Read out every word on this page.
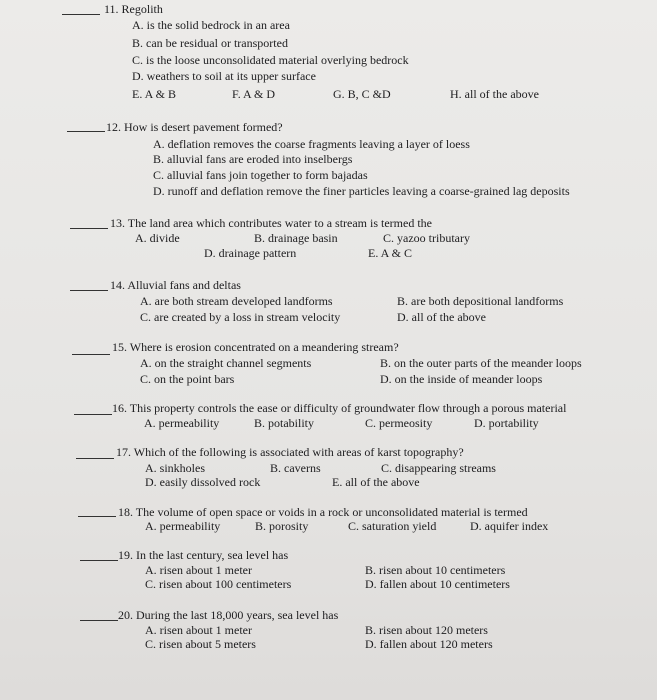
11. Regolith
A. is the solid bedrock in an area
B. can be residual or transported
C. is the loose unconsolidated material overlying bedrock
D. weathers to soil at its upper surface
E. A & B	F. A & D	G. B, C &D	H. all of the above
12. How is desert pavement formed?
A. deflation removes the coarse fragments leaving a layer of loess
B. alluvial fans are eroded into inselbergs
C. alluvial fans join together to form bajadas
D. runoff and deflation remove the finer particles leaving a coarse-grained lag deposits
13. The land area which contributes water to a stream is termed the
A. divide	B. drainage basin	C. yazoo tributary
D. drainage pattern	E. A & C
14. Alluvial fans and deltas
A. are both stream developed landforms	B. are both depositional landforms
C. are created by a loss in stream velocity	D. all of the above
15. Where is erosion concentrated on a meandering stream?
A. on the straight channel segments	B. on the outer parts of the meander loops
C. on the point bars	D. on the inside of meander loops
16. This property controls the ease or difficulty of groundwater flow through a porous material
A. permeability	B. potability	C. permeosity	D. portability
17. Which of the following is associated with areas of karst topography?
A. sinkholes	B. caverns	C. disappearing streams
D. easily dissolved rock	E. all of the above
18. The volume of open space or voids in a rock or unconsolidated material is termed
A. permeability	B. porosity	C. saturation yield	D. aquifer index
19. In the last century, sea level has
A. risen about 1 meter	B. risen about 10 centimeters
C. risen about 100 centimeters	D. fallen about 10 centimeters
20. During the last 18,000 years, sea level has
A. risen about 1 meter	B. risen about 120 meters
C. risen about 5 meters	D. fallen about 120 meters
